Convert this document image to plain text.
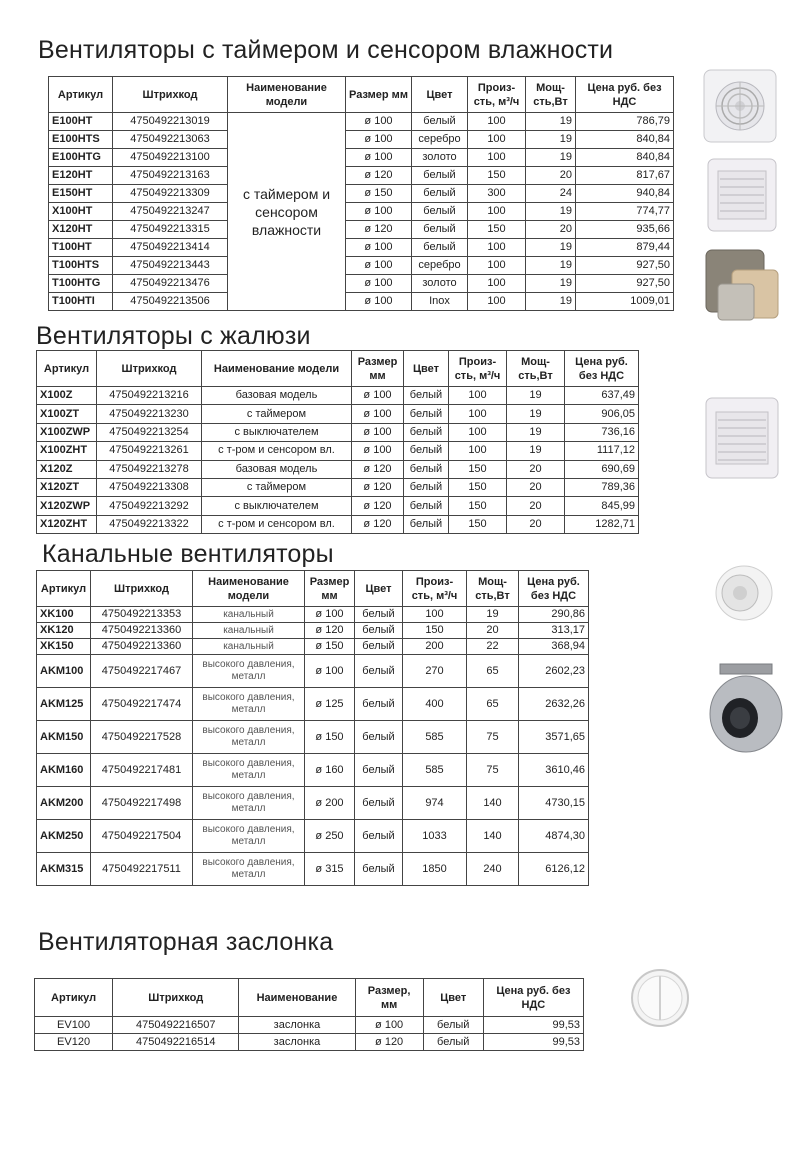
Вентиляторы с таймером и сенсором влажности
Артикул	Штрихкод	Наименование модели	Размер мм	Цвет	Произ-сть, м³/ч	Мощ-сть,Вт	Цена руб. без НДС
E100HT	4750492213019	с таймером и сенсором влажности	ø 100	белый	100	19	786,79
E100HTS	4750492213063		ø 100	серебро	100	19	840,84
E100HTG	4750492213100		ø 100	золото	100	19	840,84
E120HT	4750492213163		ø 120	белый	150	20	817,67
E150HT	4750492213309		ø 150	белый	300	24	940,84
X100HT	4750492213247		ø 100	белый	100	19	774,77
X120HT	4750492213315		ø 120	белый	150	20	935,66
T100HT	4750492213414		ø 100	белый	100	19	879,44
T100HTS	4750492213443		ø 100	серебро	100	19	927,50
T100HTG	4750492213476		ø 100	золото	100	19	927,50
T100HTI	4750492213506		ø 100	Inox	100	19	1009,01
Вентиляторы с жалюзи
Артикул	Штрихкод	Наименование модели	Размер мм	Цвет	Произ-сть, м³/ч	Мощ-сть,Вт	Цена руб. без НДС
X100Z	4750492213216	базовая модель	ø 100	белый	100	19	637,49
X100ZT	4750492213230	с таймером	ø 100	белый	100	19	906,05
X100ZWP	4750492213254	с выключателем	ø 100	белый	100	19	736,16
X100ZHT	4750492213261	с т-ром и сенсором вл.	ø 100	белый	100	19	1117,12
X120Z	4750492213278	базовая модель	ø 120	белый	150	20	690,69
X120ZT	4750492213308	с таймером	ø 120	белый	150	20	789,36
X120ZWP	4750492213292	с выключателем	ø 120	белый	150	20	845,99
X120ZHT	4750492213322	с т-ром и сенсором вл.	ø 120	белый	150	20	1282,71
Канальные вентиляторы
Артикул	Штрихкод	Наименование модели	Размер мм	Цвет	Произ-сть, м³/ч	Мощ-сть,Вт	Цена руб. без НДС
XK100	4750492213353	канальный	ø 100	белый	100	19	290,86
XK120	4750492213360	канальный	ø 120	белый	150	20	313,17
XK150	4750492213360	канальный	ø 150	белый	200	22	368,94
AKM100	4750492217467	высокого давления, металл	ø 100	белый	270	65	2602,23
AKM125	4750492217474	высокого давления, металл	ø 125	белый	400	65	2632,26
AKM150	4750492217528	высокого давления, металл	ø 150	белый	585	75	3571,65
AKM160	4750492217481	высокого давления, металл	ø 160	белый	585	75	3610,46
AKM200	4750492217498	высокого давления, металл	ø 200	белый	974	140	4730,15
AKM250	4750492217504	высокого давления, металл	ø 250	белый	1033	140	4874,30
AKM315	4750492217511	высокого давления, металл	ø 315	белый	1850	240	6126,12
Вентиляторная заслонка
Артикул	Штрихкод	Наименование	Размер, мм	Цвет	Цена руб. без НДС
EV100	4750492216507	заслонка	ø 100	белый	99,53
EV120	4750492216514	заслонка	ø 120	белый	99,53
